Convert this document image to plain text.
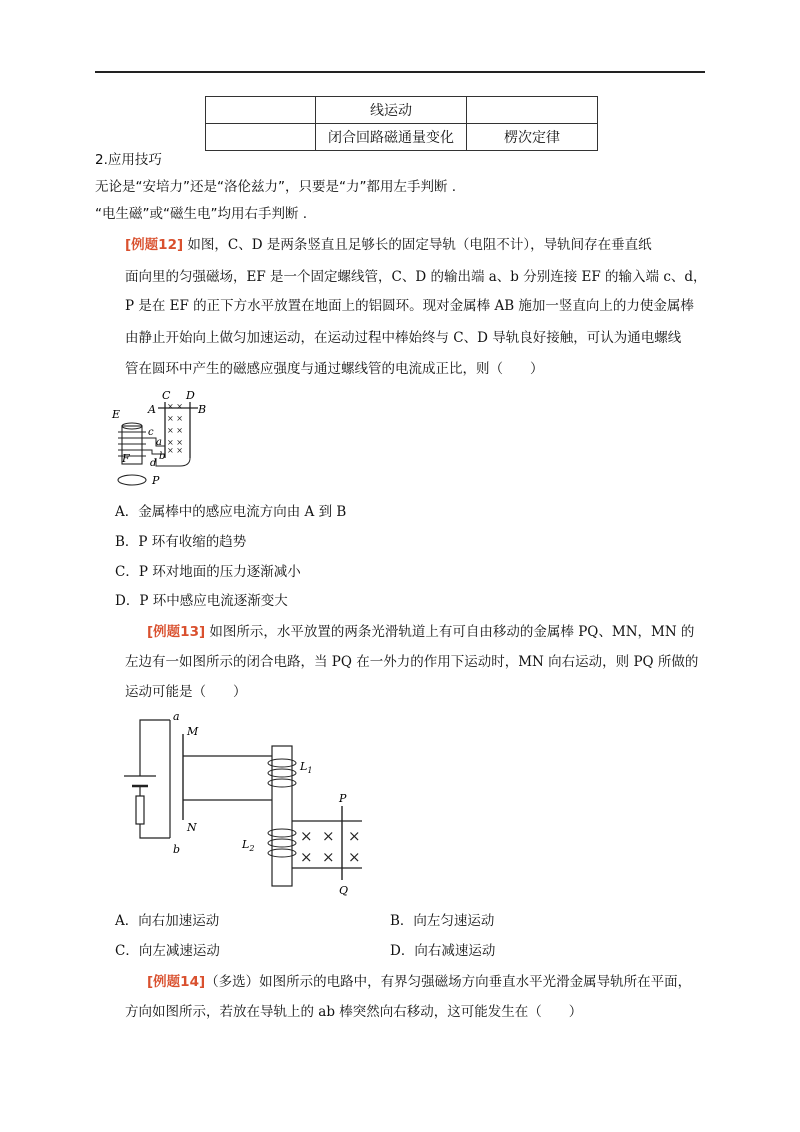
	线运动	
	闭合回路磁通量变化	楞次定律
2.应用技巧
无论是“安培力”还是“洛伦兹力”，只要是“力”都用左手判断 .
“电生磁”或“磁生电”均用右手判断 .
[例题12] 如图，C、D 是两条竖直且足够长的固定导轨（电阻不计），导轨间存在垂直纸
面向里的匀强磁场，EF 是一个固定螺线管，C、D 的输出端 a、b 分别连接 EF 的输入端 c、d，
P 是在 EF 的正下方水平放置在地面上的铝圆环。现对金属棒 AB 施加一竖直向上的力使金属棒
由静止开始向上做匀加速运动，在运动过程中棒始终与 C、D 导轨良好接触，可认为通电螺线
管在圆环中产生的磁感应强度与通过螺线管的电流成正比，则（　　）
× ×
× ×
× ×
× ×
× ×
C D
A	B
E
F
c
d
a
b
P
A．金属棒中的感应电流方向由 A 到 B
B．P 环有收缩的趋势
C．P 环对地面的压力逐渐减小
D．P 环中感应电流逐渐变大
[例题13] 如图所示，水平放置的两条光滑轨道上有可自由移动的金属棒 PQ、MN，MN 的
左边有一如图所示的闭合电路，当 PQ 在一外力的作用下运动时，MN 向右运动，则 PQ 所做的
运动可能是（　　）
a
b
M
N
$L_1$
$L_2$
× × ×
× × ×
P
Q
A．向右加速运动	B．向左匀速运动
C．向左减速运动	D．向右减速运动
[例题14]（多选）如图所示的电路中，有界匀强磁场方向垂直水平光滑金属导轨所在平面，
方向如图所示，若放在导轨上的 ab 棒突然向右移动，这可能发生在（　　）
